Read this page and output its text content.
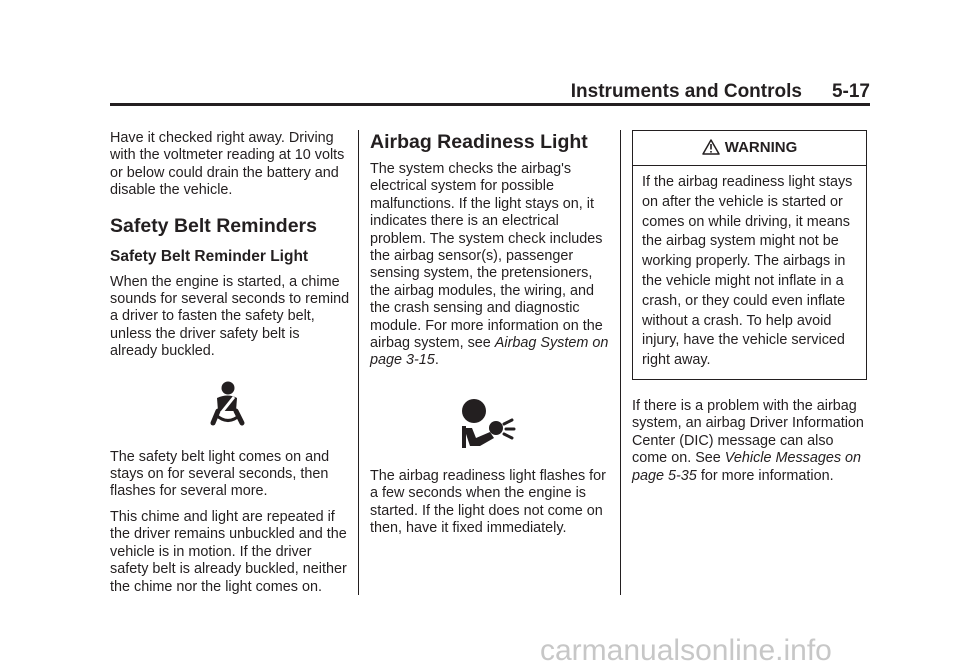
Instruments and Controls 5-17

Have it checked right away. Driving with the voltmeter reading at 10 volts or below could drain the battery and disable the vehicle.

Safety Belt Reminders
Safety Belt Reminder Light

When the engine is started, a chime sounds for several seconds to remind a driver to fasten the safety belt, unless the driver safety belt is already buckled.

The safety belt light comes on and stays on for several seconds, then flashes for several more.

This chime and light are repeated if the driver remains unbuckled and the vehicle is in motion. If the driver safety belt is already buckled, neither the chime nor the light comes on.

Airbag Readiness Light

The system checks the airbag's electrical system for possible malfunctions. If the light stays on, it indicates there is an electrical problem. The system check includes the airbag sensor(s), passenger sensing system, the pretensioners, the airbag modules, the wiring, and the crash sensing and diagnostic module. For more information on the airbag system, see Airbag System on page 3-15.

The airbag readiness light flashes for a few seconds when the engine is started. If the light does not come on then, have it fixed immediately.

WARNING
If the airbag readiness light stays on after the vehicle is started or comes on while driving, it means the airbag system might not be working properly. The airbags in the vehicle might not inflate in a crash, or they could even inflate without a crash. To help avoid injury, have the vehicle serviced right away.

If there is a problem with the airbag system, an airbag Driver Information Center (DIC) message can also come on. See Vehicle Messages on page 5-35 for more information.

carmanualsonline.info
